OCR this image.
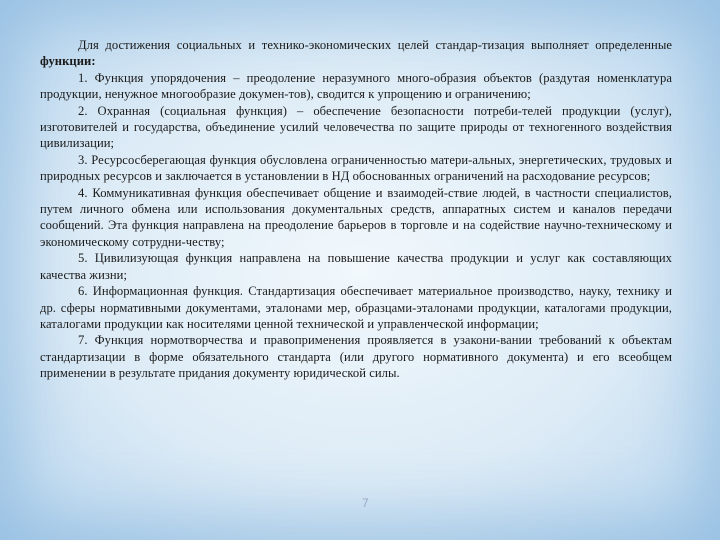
Для достижения социальных и технико-экономических целей стандар-тизация выполняет определенные функции:

1. Функция упорядочения – преодоление неразумного много-образия объектов (раздутая номенклатура продукции, ненужное многообразие докумен-тов), сводится к упрощению и ограничению;

2. Охранная (социальная функция) – обеспечение безопасности потреби-телей продукции (услуг), изготовителей и государства, объединение усилий человечества по защите природы от техногенного воздействия цивилизации;

3. Ресурсосберегающая функция обусловлена ограниченностью матери-альных, энергетических, трудовых и природных ресурсов и заключается в установлении в НД обоснованных ограничений на расходование ресурсов;

4. Коммуникативная функция обеспечивает общение и взаимодей-ствие людей, в частности специалистов, путем личного обмена или использования документальных средств, аппаратных систем и каналов передачи сообщений. Эта функция направлена на преодоление барьеров в торговле и на содействие научно-техническому и экономическому сотрудни-честву;

5. Цивилизующая функция направлена на повышение качества продукции и услуг как составляющих качества жизни;

6. Информационная функция. Стандартизация обеспечивает материальное производство, науку, технику и др. сферы нормативными документами, эталонами мер, образцами-эталонами продукции, каталогами продукции, каталогами продукции как носителями ценной технической и управленческой информации;

7. Функция нормотворчества и правоприменения проявляется в узакони-вании требований к объектам стандартизации в форме обязательного стандарта (или другого нормативного документа) и его всеобщем применении в результате придания документу юридической силы.

7
